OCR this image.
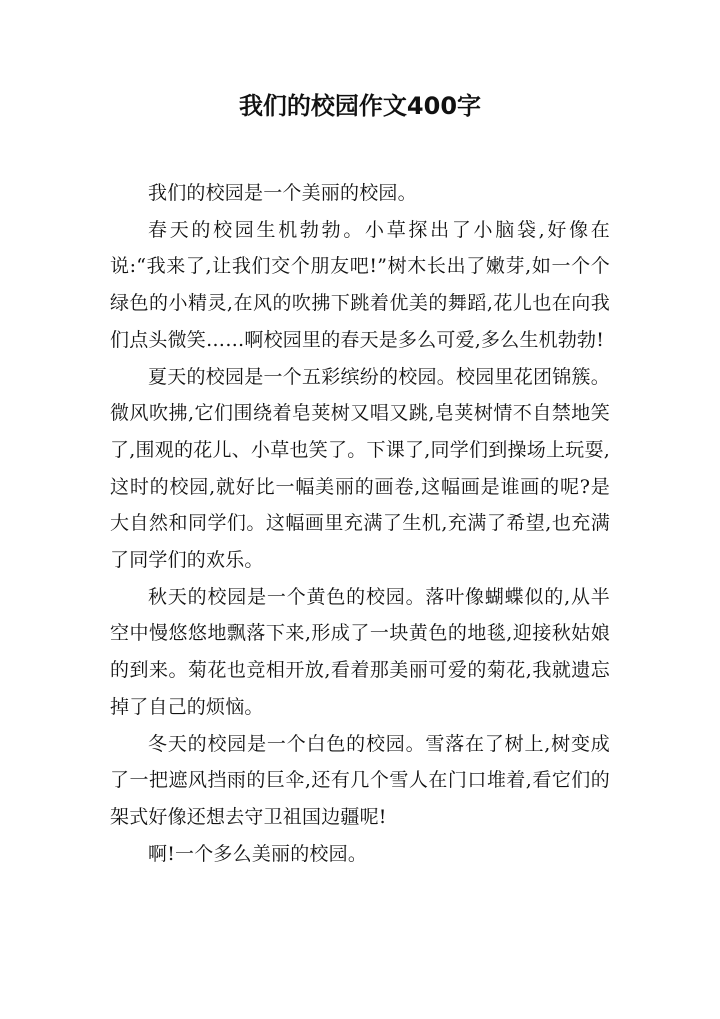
我们的校园作文400字

我们的校园是一个美丽的校园。

春天的校园生机勃勃。小草探出了小脑袋,好像在说:“我来了,让我们交个朋友吧!”树木长出了嫩芽,如一个个绿色的小精灵,在风的吹拂下跳着优美的舞蹈,花儿也在向我们点头微笑……啊校园里的春天是多么可爱,多么生机勃勃!

夏天的校园是一个五彩缤纷的校园。校园里花团锦簇。微风吹拂,它们围绕着皂荚树又唱又跳,皂荚树情不自禁地笑了,围观的花儿、小草也笑了。下课了,同学们到操场上玩耍,这时的校园,就好比一幅美丽的画卷,这幅画是谁画的呢?是大自然和同学们。这幅画里充满了生机,充满了希望,也充满了同学们的欢乐。

秋天的校园是一个黄色的校园。落叶像蝴蝶似的,从半空中慢悠悠地飘落下来,形成了一块黄色的地毯,迎接秋姑娘的到来。菊花也竞相开放,看着那美丽可爱的菊花,我就遗忘掉了自己的烦恼。

冬天的校园是一个白色的校园。雪落在了树上,树变成了一把遮风挡雨的巨伞,还有几个雪人在门口堆着,看它们的架式好像还想去守卫祖国边疆呢!

啊!一个多么美丽的校园。
